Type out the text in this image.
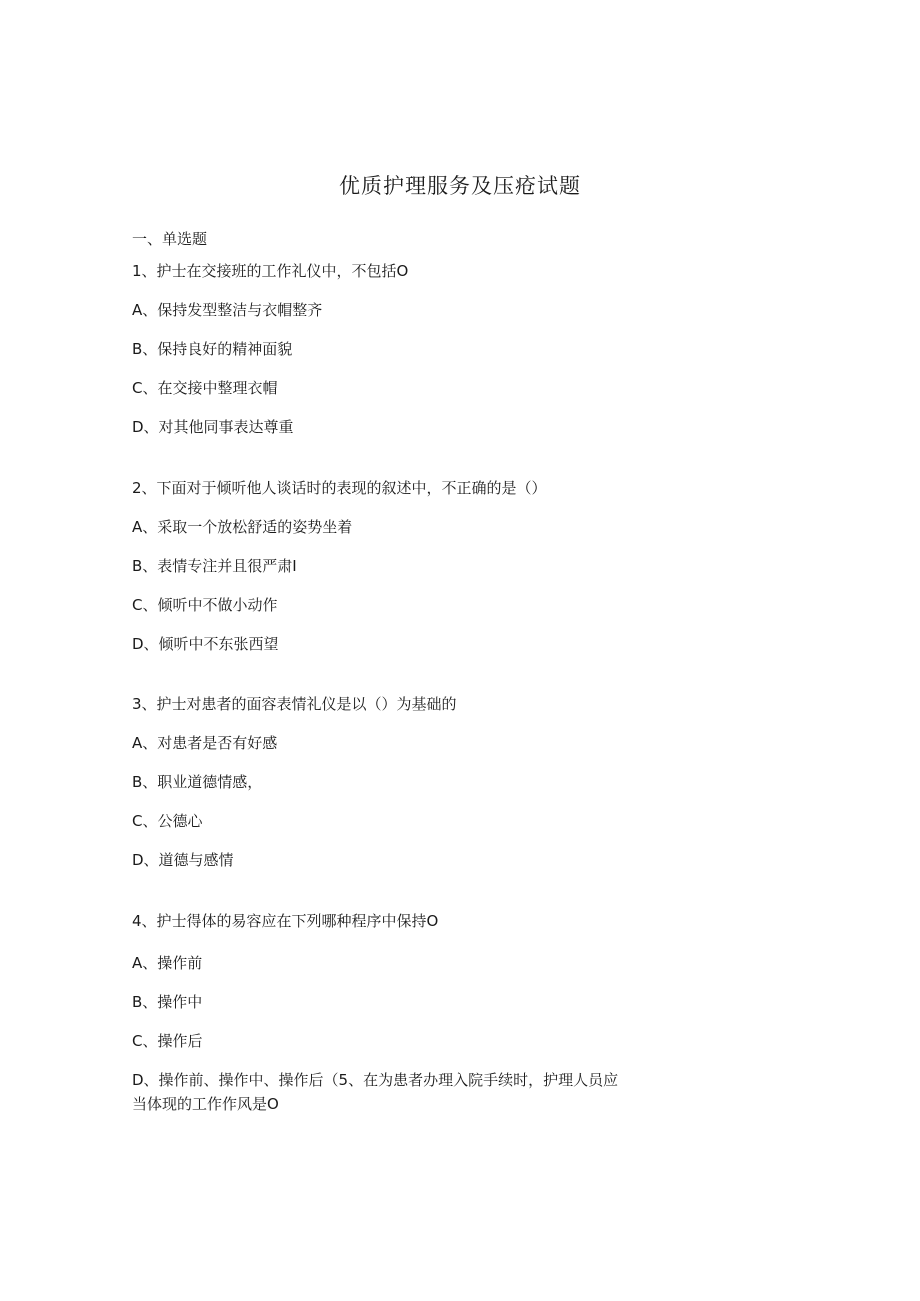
优质护理服务及压疮试题

一、单选题

1、护士在交接班的工作礼仪中，不包括O

A、保持发型整洁与衣帽整齐

B、保持良好的精神面貌

C、在交接中整理衣帽

D、对其他同事表达尊重

2、下面对于倾听他人谈话时的表现的叙述中，不正确的是（）

A、采取一个放松舒适的姿势坐着

B、表情专注并且很严肃I

C、倾听中不做小动作

D、倾听中不东张西望

3、护士对患者的面容表情礼仪是以（）为基础的

A、对患者是否有好感

B、职业道德情感，

C、公德心

D、道德与感情

4、护士得体的易容应在下列哪种程序中保持O

A、操作前

B、操作中

C、操作后

D、操作前、操作中、操作后（5、在为患者办理入院手续时，护理人员应当体现的工作作风是O
